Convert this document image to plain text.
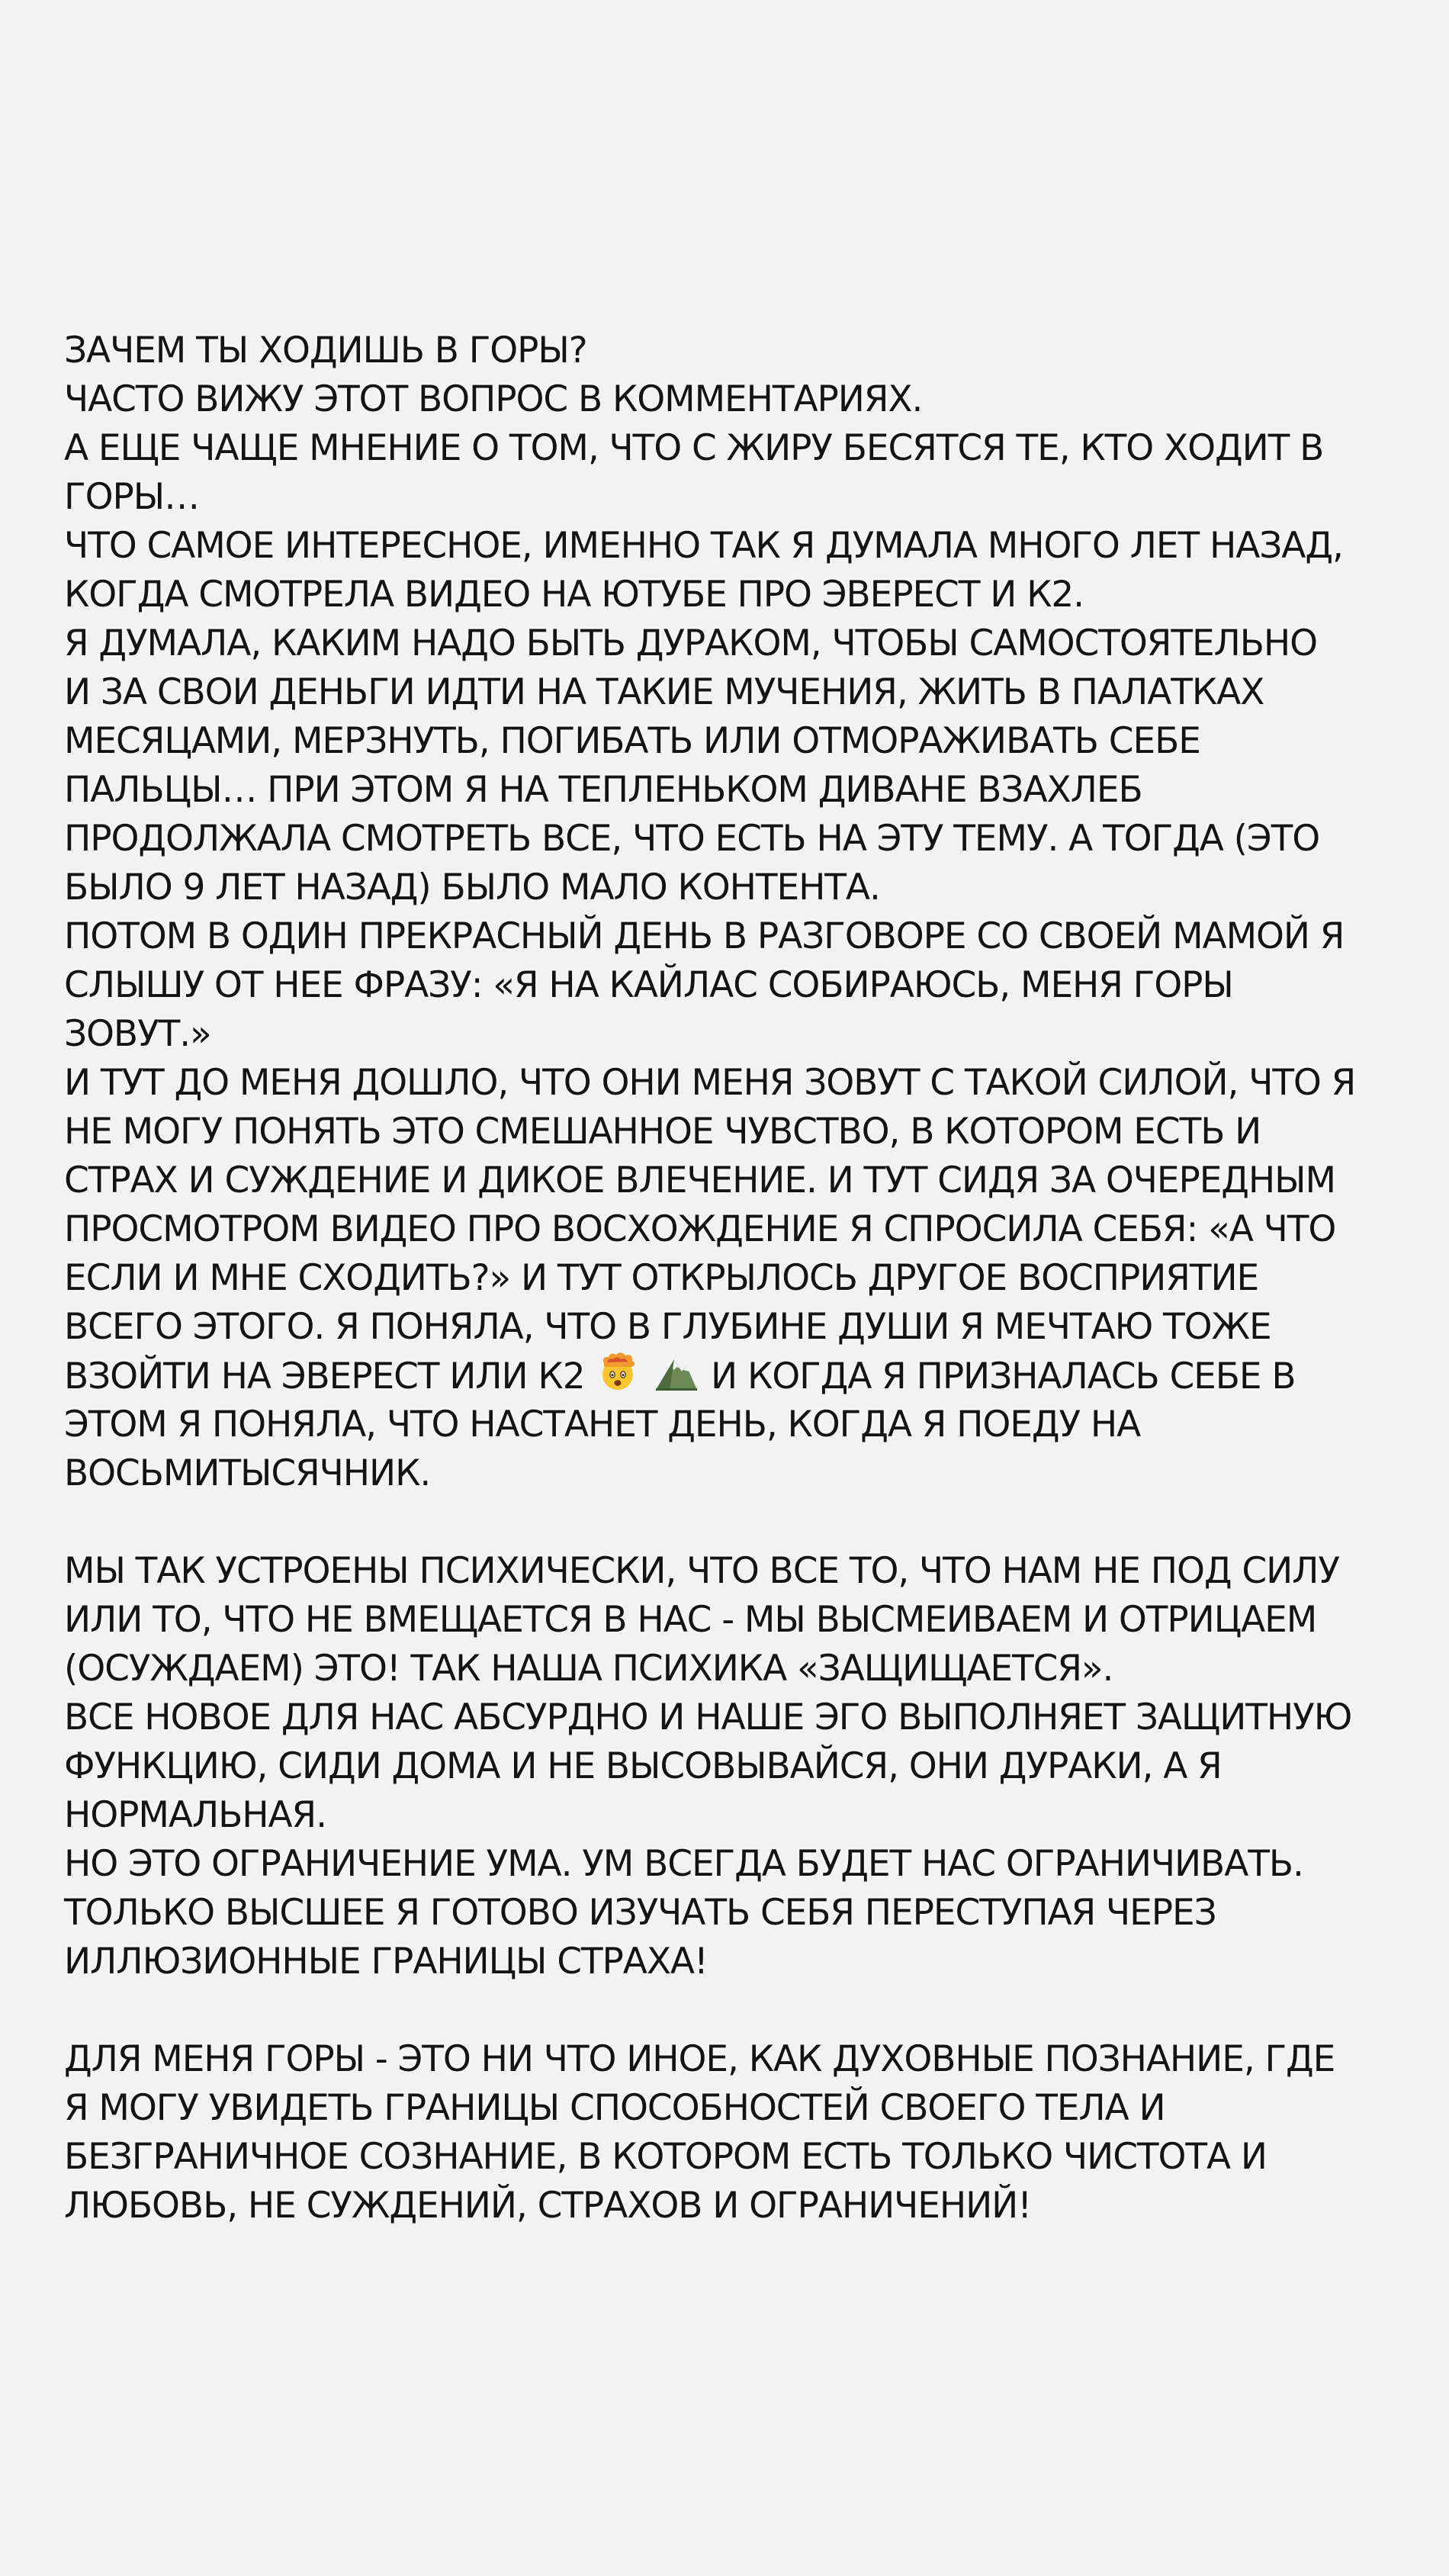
ЗАЧЕМ ТЫ ХОДИШЬ В ГОРЫ?
ЧАСТО ВИЖУ ЭТОТ ВОПРОС В КОММЕНТАРИЯХ.
А ЕЩЕ ЧАЩЕ МНЕНИЕ О ТОМ, ЧТО С ЖИРУ БЕСЯТСЯ ТЕ, КТО ХОДИТ В
ГОРЫ…
ЧТО САМОЕ ИНТЕРЕСНОЕ, ИМЕННО ТАК Я ДУМАЛА МНОГО ЛЕТ НАЗАД,
КОГДА СМОТРЕЛА ВИДЕО НА ЮТУБЕ ПРО ЭВЕРЕСТ И К2.
Я ДУМАЛА, КАКИМ НАДО БЫТЬ ДУРАКОМ, ЧТОБЫ САМОСТОЯТЕЛЬНО
И ЗА СВОИ ДЕНЬГИ ИДТИ НА ТАКИЕ МУЧЕНИЯ, ЖИТЬ В ПАЛАТКАХ
МЕСЯЦАМИ, МЕРЗНУТЬ, ПОГИБАТЬ ИЛИ ОТМОРАЖИВАТЬ СЕБЕ
ПАЛЬЦЫ… ПРИ ЭТОМ Я НА ТЕПЛЕНЬКОМ ДИВАНЕ ВЗАХЛЕБ
ПРОДОЛЖАЛА СМОТРЕТЬ ВСЕ, ЧТО ЕСТЬ НА ЭТУ ТЕМУ. А ТОГДА (ЭТО
БЫЛО 9 ЛЕТ НАЗАД) БЫЛО МАЛО КОНТЕНТА.
ПОТОМ В ОДИН ПРЕКРАСНЫЙ ДЕНЬ В РАЗГОВОРЕ СО СВОЕЙ МАМОЙ Я
СЛЫШУ ОТ НЕЕ ФРАЗУ: «Я НА КАЙЛАС СОБИРАЮСЬ, МЕНЯ ГОРЫ
ЗОВУТ.»
И ТУТ ДО МЕНЯ ДОШЛО, ЧТО ОНИ МЕНЯ ЗОВУТ С ТАКОЙ СИЛОЙ, ЧТО Я
НЕ МОГУ ПОНЯТЬ ЭТО СМЕШАННОЕ ЧУВСТВО, В КОТОРОМ ЕСТЬ И
СТРАХ И СУЖДЕНИЕ И ДИКОЕ ВЛЕЧЕНИЕ. И ТУТ СИДЯ ЗА ОЧЕРЕДНЫМ
ПРОСМОТРОМ ВИДЕО ПРО ВОСХОЖДЕНИЕ Я СПРОСИЛА СЕБЯ: «А ЧТО
ЕСЛИ И МНЕ СХОДИТЬ?» И ТУТ ОТКРЫЛОСЬ ДРУГОЕ ВОСПРИЯТИЕ
ВСЕГО ЭТОГО. Я ПОНЯЛА, ЧТО В ГЛУБИНЕ ДУШИ Я МЕЧТАЮ ТОЖЕ
ВЗОЙТИ НА ЭВЕРЕСТ ИЛИ К2	И КОГДА Я ПРИЗНАЛАСЬ СЕБЕ В
ЭТОМ Я ПОНЯЛА, ЧТО НАСТАНЕТ ДЕНЬ, КОГДА Я ПОЕДУ НА
ВОСЬМИТЫСЯЧНИК.
МЫ ТАК УСТРОЕНЫ ПСИХИЧЕСКИ, ЧТО ВСЕ ТО, ЧТО НАМ НЕ ПОД СИЛУ
ИЛИ ТО, ЧТО НЕ ВМЕЩАЕТСЯ В НАС - МЫ ВЫСМЕИВАЕМ И ОТРИЦАЕМ
(ОСУЖДАЕМ) ЭТО! ТАК НАША ПСИХИКА «ЗАЩИЩАЕТСЯ».
ВСЕ НОВОЕ ДЛЯ НАС АБСУРДНО И НАШЕ ЭГО ВЫПОЛНЯЕТ ЗАЩИТНУЮ
ФУНКЦИЮ, СИДИ ДОМА И НЕ ВЫСОВЫВАЙСЯ, ОНИ ДУРАКИ, А Я
НОРМАЛЬНАЯ.
НО ЭТО ОГРАНИЧЕНИЕ УМА. УМ ВСЕГДА БУДЕТ НАС ОГРАНИЧИВАТЬ.
ТОЛЬКО ВЫСШЕЕ Я ГОТОВО ИЗУЧАТЬ СЕБЯ ПЕРЕСТУПАЯ ЧЕРЕЗ
ИЛЛЮЗИОННЫЕ ГРАНИЦЫ СТРАХА!
ДЛЯ МЕНЯ ГОРЫ - ЭТО НИ ЧТО ИНОЕ, КАК ДУХОВНЫЕ ПОЗНАНИЕ, ГДЕ
Я МОГУ УВИДЕТЬ ГРАНИЦЫ СПОСОБНОСТЕЙ СВОЕГО ТЕЛА И
БЕЗГРАНИЧНОЕ СОЗНАНИЕ, В КОТОРОМ ЕСТЬ ТОЛЬКО ЧИСТОТА И
ЛЮБОВЬ, НЕ СУЖДЕНИЙ, СТРАХОВ И ОГРАНИЧЕНИЙ!
